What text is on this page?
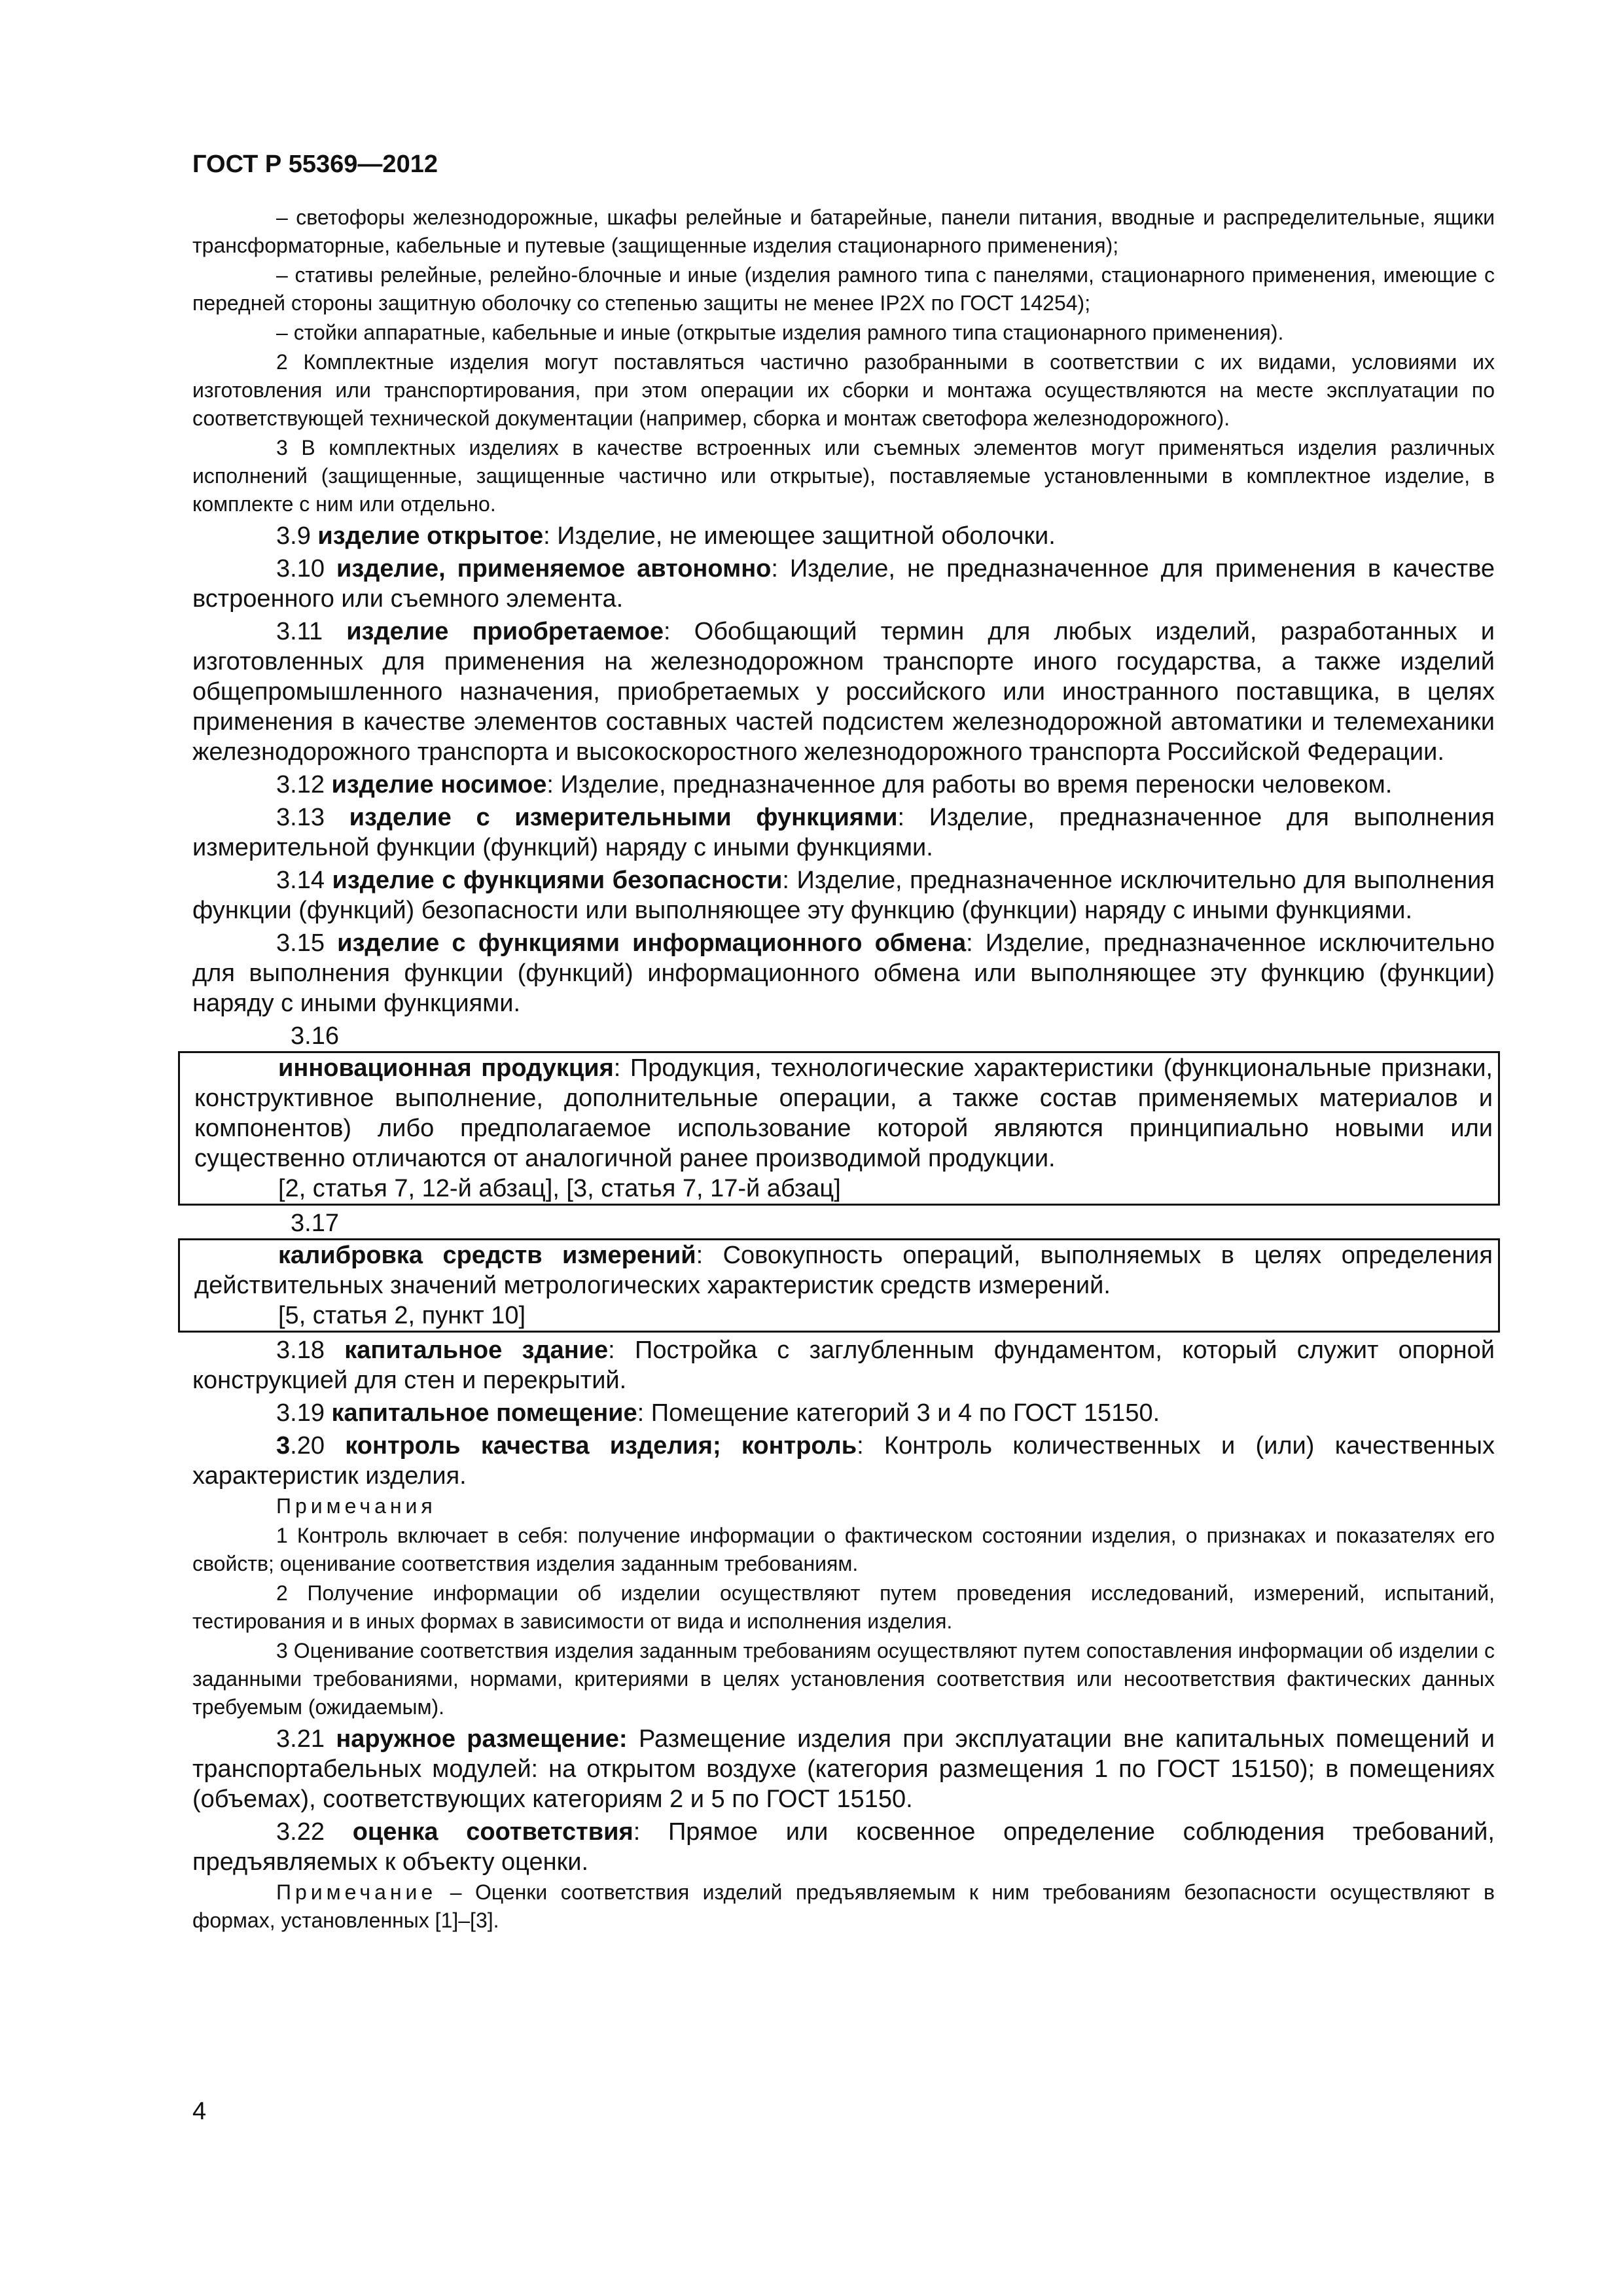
ГОСТ Р 55369—2012

– светофоры железнодорожные, шкафы релейные и батарейные, панели питания, вводные и распределительные, ящики трансформаторные, кабельные и путевые (защищенные изделия стационарного применения);

– стативы релейные, релейно-блочные и иные (изделия рамного типа с панелями, стационарного применения, имеющие с передней стороны защитную оболочку со степенью защиты не менее IP2X по ГОСТ 14254);

– стойки аппаратные, кабельные и иные (открытые изделия рамного типа стационарного применения).

2 Комплектные изделия могут поставляться частично разобранными в соответствии с их видами, условиями их изготовления или транспортирования, при этом операции их сборки и монтажа осуществляются на месте эксплуатации по соответствующей технической документации (например, сборка и монтаж светофора железнодорожного).

3 В комплектных изделиях в качестве встроенных или съемных элементов могут применяться изделия различных исполнений (защищенные, защищенные частично или открытые), поставляемые установленными в комплектное изделие, в комплекте с ним или отдельно.

3.9 изделие открытое: Изделие, не имеющее защитной оболочки.

3.10 изделие, применяемое автономно: Изделие, не предназначенное для применения в качестве встроенного или съемного элемента.

3.11 изделие приобретаемое: Обобщающий термин для любых изделий, разработанных и изготовленных для применения на железнодорожном транспорте иного государства, а также изделий общепромышленного назначения, приобретаемых у российского или иностранного поставщика, в целях применения в качестве элементов составных частей подсистем железнодорожной автоматики и телемеханики железнодорожного транспорта и высокоскоростного железнодорожного транспорта Российской Федерации.

3.12 изделие носимое: Изделие, предназначенное для работы во время переноски человеком.

3.13 изделие с измерительными функциями: Изделие, предназначенное для выполнения измерительной функции (функций) наряду с иными функциями.

3.14 изделие с функциями безопасности: Изделие, предназначенное исключительно для выполнения функции (функций) безопасности или выполняющее эту функцию (функции) наряду с иными функциями.

3.15 изделие с функциями информационного обмена: Изделие, предназначенное исключительно для выполнения функции (функций) информационного обмена или выполняющее эту функцию (функции) наряду с иными функциями.

3.16

инновационная продукция: Продукция, технологические характеристики (функциональные признаки, конструктивное выполнение, дополнительные операции, а также состав применяемых материалов и компонентов) либо предполагаемое использование которой являются принципиально новыми или существенно отличаются от аналогичной ранее производимой продукции.

[2, статья 7, 12-й абзац], [3, статья 7, 17-й абзац]
3.17

калибровка средств измерений: Совокупность операций, выполняемых в целях определения действительных значений метрологических характеристик средств измерений.

[5, статья 2, пункт 10]

3.18 капитальное здание: Постройка с заглубленным фундаментом, который служит опорной конструкцией для стен и перекрытий.

3.19 капитальное помещение: Помещение категорий 3 и 4 по ГОСТ 15150.

3.20 контроль качества изделия; контроль: Контроль количественных и (или) качественных характеристик изделия.

Примечания

1 Контроль включает в себя: получение информации о фактическом состоянии изделия, о признаках и показателях его свойств; оценивание соответствия изделия заданным требованиям.

2 Получение информации об изделии осуществляют путем проведения исследований, измерений, испытаний, тестирования и в иных формах в зависимости от вида и исполнения изделия.

3 Оценивание соответствия изделия заданным требованиям осуществляют путем сопоставления информации об изделии с заданными требованиями, нормами, критериями в целях установления соответствия или несоответствия фактических данных требуемым (ожидаемым).

3.21 наружное размещение: Размещение изделия при эксплуатации вне капитальных помещений и транспортабельных модулей: на открытом воздухе (категория размещения 1 по ГОСТ 15150); в помещениях (объемах), соответствующих категориям 2 и 5 по ГОСТ 15150.

3.22 оценка соответствия: Прямое или косвенное определение соблюдения требований, предъявляемых к объекту оценки.

Примечание – Оценки соответствия изделий предъявляемым к ним требованиям безопасности осуществляют в формах, установленных [1]–[3].

4
